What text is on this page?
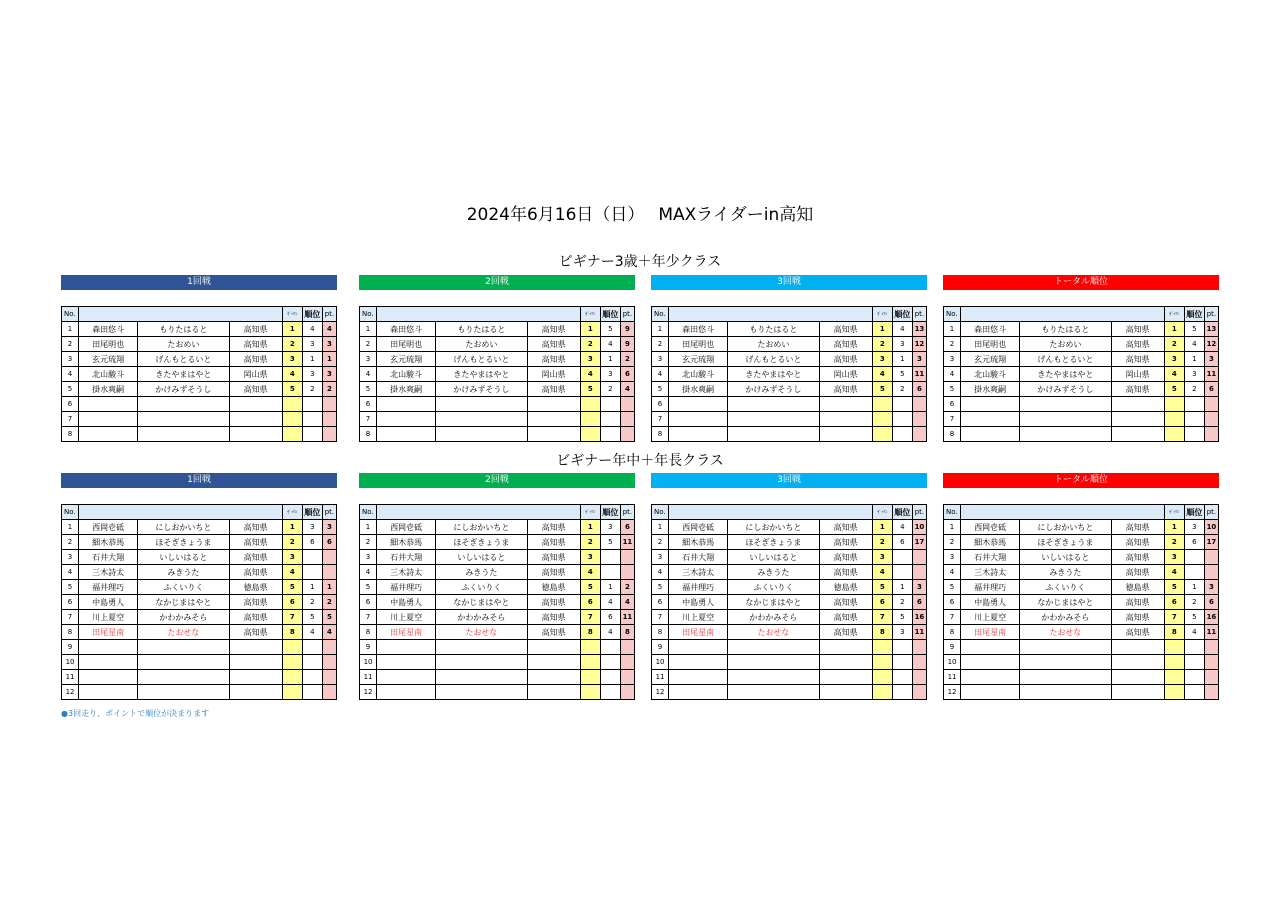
2024年6月16日（日）　 MAXライダーin高知
ビギナー3歳＋年少クラス
1回戦
No.				ｾﾞｯｹﾝ	順位	pt.
1	森田悠斗	もりたはると	高知県	1	4	4
2	田尾明也	たおめい	高知県	2	3	3
3	玄元琉翔	げんもとるいと	高知県	3	1	1
4	北山駿斗	きたやまはやと	岡山県	4	3	3
5	掛水爽嗣	かけみずそうし	高知県	5	2	2
6						
7						
8						
2回戦
No.				ｾﾞｯｹﾝ	順位	pt.
1	森田悠斗	もりたはると	高知県	1	5	9
2	田尾明也	たおめい	高知県	2	4	9
3	玄元琉翔	げんもとるいと	高知県	3	1	2
4	北山駿斗	きたやまはやと	岡山県	4	3	6
5	掛水爽嗣	かけみずそうし	高知県	5	2	4
6						
7						
8						
3回戦
No.				ｾﾞｯｹﾝ	順位	pt.
1	森田悠斗	もりたはると	高知県	1	4	13
2	田尾明也	たおめい	高知県	2	3	12
3	玄元琉翔	げんもとるいと	高知県	3	1	3
4	北山駿斗	きたやまはやと	岡山県	4	5	11
5	掛水爽嗣	かけみずそうし	高知県	5	2	6
6						
7						
8						
トータル順位
No.				ｾﾞｯｹﾝ	順位	pt.
1	森田悠斗	もりたはると	高知県	1	5	13
2	田尾明也	たおめい	高知県	2	4	12
3	玄元琉翔	げんもとるいと	高知県	3	1	3
4	北山駿斗	きたやまはやと	岡山県	4	3	11
5	掛水爽嗣	かけみずそうし	高知県	5	2	6
6						
7						
8						
ビギナー年中＋年長クラス
1回戦
No.				ｾﾞｯｹﾝ	順位	pt.
1	西岡壱砥	にしおかいちと	高知県	1	3	3
2	細木恭馬	ほそぎきょうま	高知県	2	6	6
3	石井大翔	いしいはると	高知県	3		
4	三木詩太	みきうた	高知県	4		
5	福井理巧	ふくいりく	徳島県	5	1	1
6	中島勇人	なかじまはやと	高知県	6	2	2
7	川上夏空	かわかみそら	高知県	7	5	5
8	田尾星南	たおせな	高知県	8	4	4
9						
10						
11						
12						
2回戦
No.				ｾﾞｯｹﾝ	順位	pt.
1	西岡壱砥	にしおかいちと	高知県	1	3	6
2	細木恭馬	ほそぎきょうま	高知県	2	5	11
3	石井大翔	いしいはると	高知県	3		
4	三木詩太	みきうた	高知県	4		
5	福井理巧	ふくいりく	徳島県	5	1	2
6	中島勇人	なかじまはやと	高知県	6	4	4
7	川上夏空	かわかみそら	高知県	7	6	11
8	田尾星南	たおせな	高知県	8	4	8
9						
10						
11						
12						
3回戦
No.				ｾﾞｯｹﾝ	順位	pt.
1	西岡壱砥	にしおかいちと	高知県	1	4	10
2	細木恭馬	ほそぎきょうま	高知県	2	6	17
3	石井大翔	いしいはると	高知県	3		
4	三木詩太	みきうた	高知県	4		
5	福井理巧	ふくいりく	徳島県	5	1	3
6	中島勇人	なかじまはやと	高知県	6	2	6
7	川上夏空	かわかみそら	高知県	7	5	16
8	田尾星南	たおせな	高知県	8	3	11
9						
10						
11						
12						
トータル順位
No.				ｾﾞｯｹﾝ	順位	pt.
1	西岡壱砥	にしおかいちと	高知県	1	3	10
2	細木恭馬	ほそぎきょうま	高知県	2	6	17
3	石井大翔	いしいはると	高知県	3		
4	三木詩太	みきうた	高知県	4		
5	福井理巧	ふくいりく	徳島県	5	1	3
6	中島勇人	なかじまはやと	高知県	6	2	6
7	川上夏空	かわかみそら	高知県	7	5	16
8	田尾星南	たおせな	高知県	8	4	11
9						
10						
11						
12						
●3回走り、ポイントで順位が決まります
